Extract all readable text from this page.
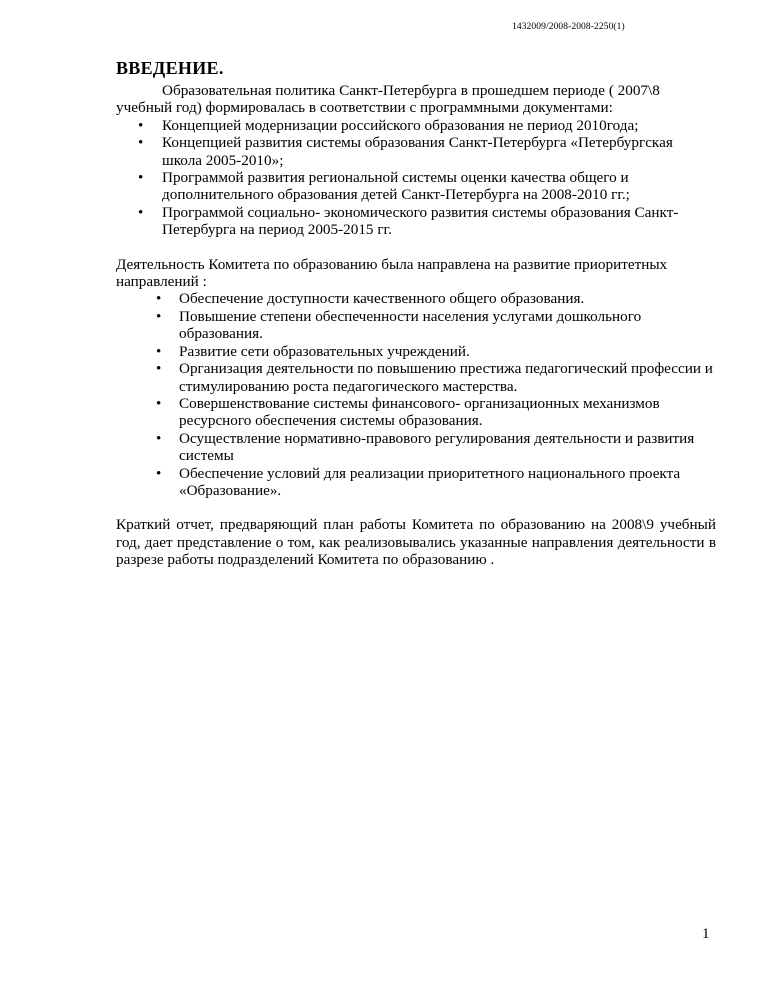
1432009/2008-2008-2250(1)
ВВЕДЕНИЕ.

Образовательная политика Санкт-Петербурга в прошедшем периоде ( 2007\8 учебный год) формировалась в соответствии с программными документами:

• Концепцией модернизации российского образования не период 2010года;
• Концепцией развития системы образования Санкт-Петербурга «Петербургская школа 2005-2010»;
• Программой развития региональной системы оценки качества общего и дополнительного образования детей Санкт-Петербурга на 2008-2010 гг.;
• Программой социально- экономического развития системы образования Санкт-Петербурга на период 2005-2015 гг.

Деятельность Комитета по образованию была направлена на развитие приоритетных направлений :

• Обеспечение доступности качественного общего образования.
• Повышение степени обеспеченности населения услугами дошкольного образования.
• Развитие сети образовательных учреждений.
• Организация деятельности по повышению престижа педагогический профессии и стимулированию роста педагогического мастерства.
• Совершенствование системы финансового- организационных механизмов ресурсного обеспечения системы образования.
• Осуществление нормативно-правового регулирования деятельности и развития системы
• Обеспечение условий для реализации приоритетного национального проекта «Образование».

Краткий отчет, предваряющий план работы Комитета по образованию на 2008\9 учебный год, дает представление о том, как реализовывались указанные направления деятельности в разрезе работы подразделений Комитета по образованию .

1
